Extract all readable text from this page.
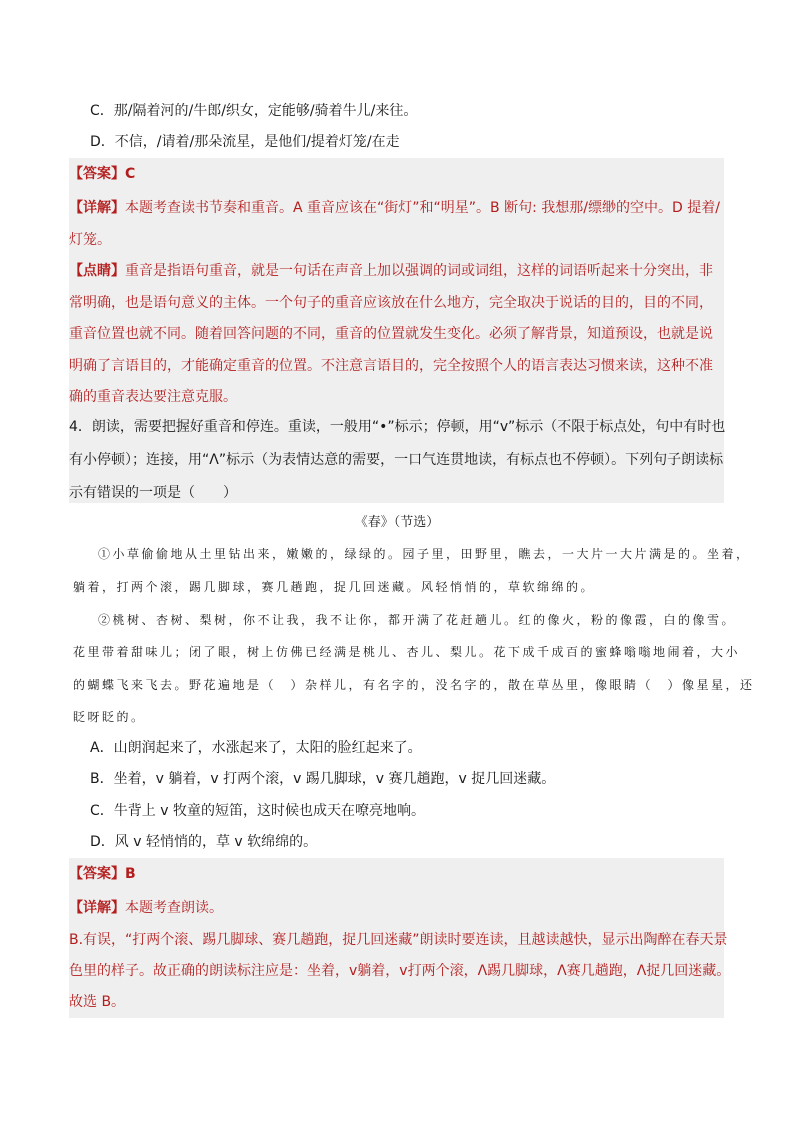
C．那/隔着河的/牛郎/织女，定能够/骑着牛儿/来往。
D．不信，/请着/那朵流星，是他们/提着灯笼/在走
【答案】C
【详解】本题考查读书节奏和重音。A 重音应该在“街灯”和“明星”。B 断句: 我想那/缥缈的空中。D 提着/
灯笼。
【点睛】重音是指语句重音，就是一句话在声音上加以强调的词或词组，这样的词语听起来十分突出，非
常明确，也是语句意义的主体。一个句子的重音应该放在什么地方，完全取决于说话的目的，目的不同，
重音位置也就不同。随着回答问题的不同，重音的位置就发生变化。必须了解背景，知道预设，也就是说
明确了言语目的，才能确定重音的位置。不注意言语目的，完全按照个人的语言表达习惯来读，这种不准
确的重音表达要注意克服。
4．朗读，需要把握好重音和停连。重读，一般用“•”标示；停顿，用“v”标示（不限于标点处，句中有时也
有小停顿）；连接，用“Λ”标示（为表情达意的需要，一口气连贯地读，有标点也不停顿）。下列句子朗读标
示有错误的一项是（　　）
《春》（节选）
①小草偷偷地从土里钻出来，嫩嫩的，绿绿的。园子里，田野里，瞧去，一大片一大片满是的。坐着，
躺着，打两个滚，踢几脚球，赛几趟跑，捉几回迷藏。风轻悄悄的，草软绵绵的。
②桃树、杏树、梨树，你不让我，我不让你，都开满了花赶趟儿。红的像火，粉的像霞，白的像雪。
花里带着甜味儿；闭了眼，树上仿佛已经满是桃儿、杏儿、梨儿。花下成千成百的蜜蜂嗡嗡地闹着，大小
的蝴蝶飞来飞去。野花遍地是（　）杂样儿，有名字的，没名字的，散在草丛里，像眼睛（　）像星星，还
眨呀眨的。
A．山朗润起来了，水涨起来了，太阳的脸红起来了。
B．坐着，v 躺着，v 打两个滚，v 踢几脚球，v 赛几趟跑，v 捉几回迷藏。
C．牛背上 v 牧童的短笛，这时候也成天在嘹亮地响。
D．风 v 轻悄悄的，草 v 软绵绵的。
【答案】B
【详解】本题考查朗读。
B.有误，“打两个滚、踢几脚球、赛几趟跑，捉几回迷藏”朗读时要连读，且越读越快，显示出陶醉在春天景
色里的样子。故正确的朗读标注应是：坐着，v躺着，v打两个滚，Λ踢几脚球，Λ赛几趟跑，Λ捉几回迷藏。
故选 B。
